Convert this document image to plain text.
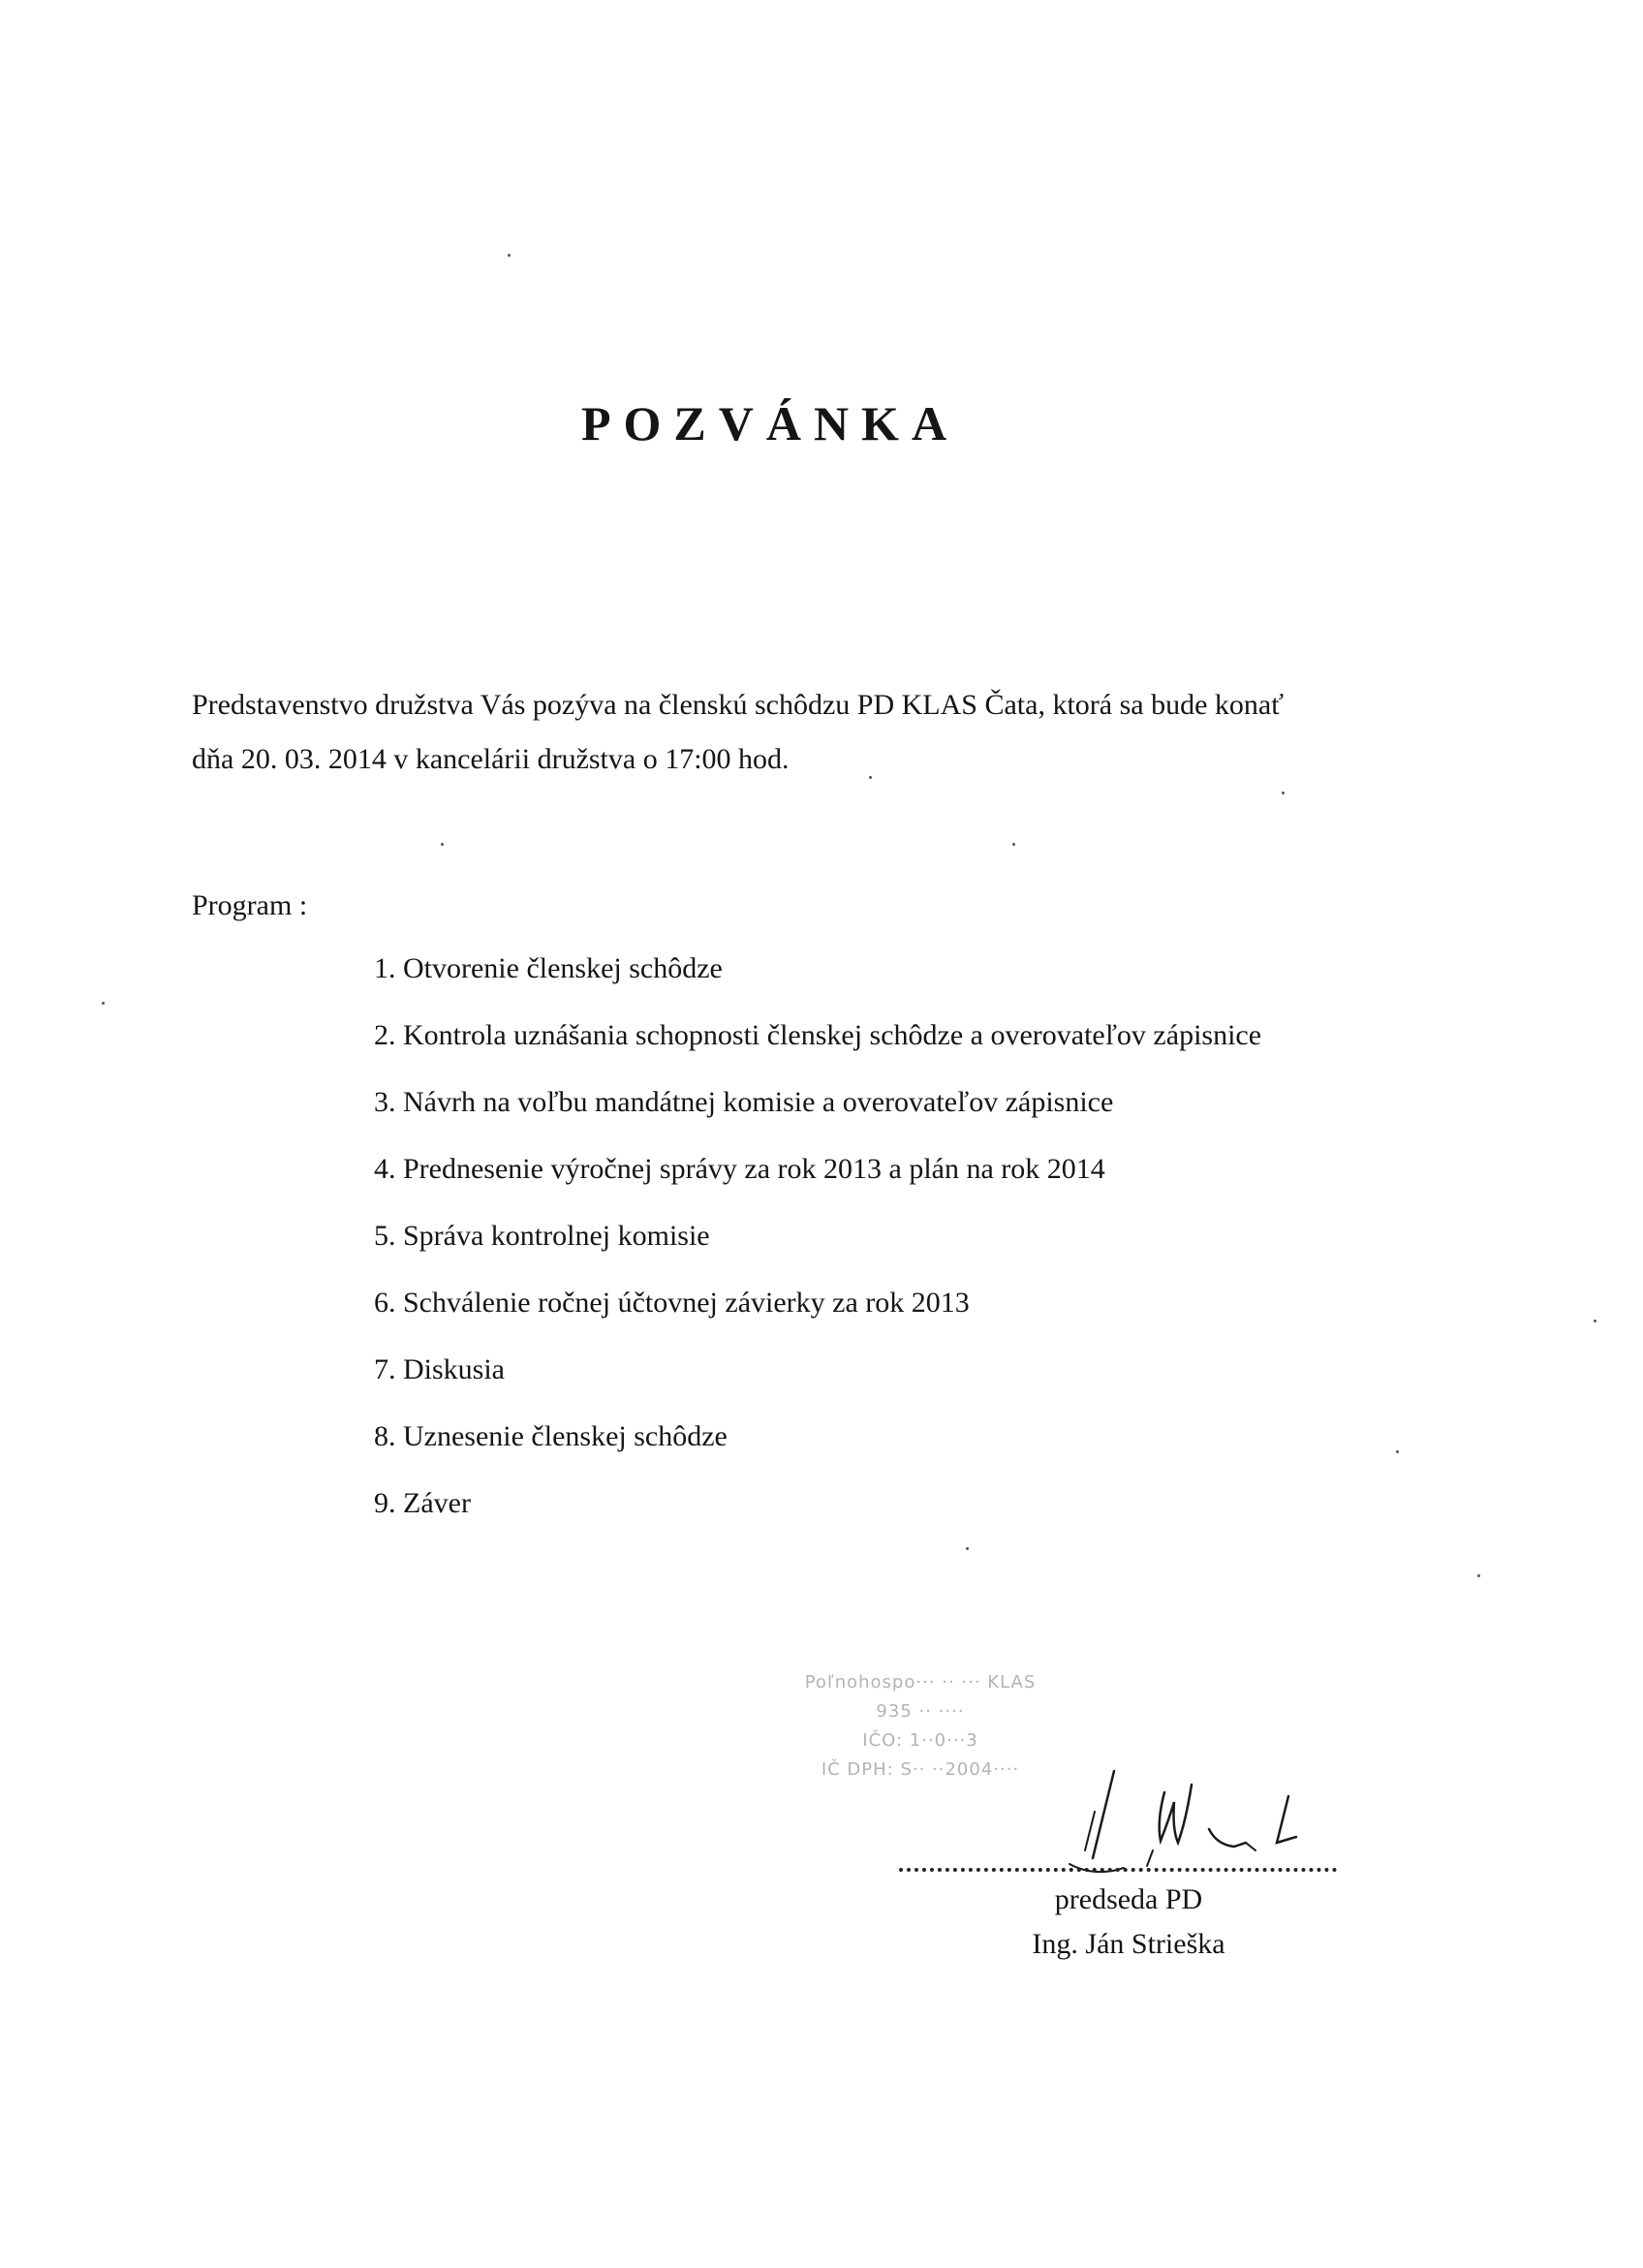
POZVÁNKA

Predstavenstvo družstva Vás pozýva na členskú schôdzu PD KLAS Čata, ktorá sa bude konať

dňa 20. 03. 2014 v kancelárii družstva o 17:00 hod.

Program :
1. Otvorenie členskej schôdze
2. Kontrola uznášania schopnosti členskej schôdze a overovateľov zápisnice
3. Návrh na voľbu mandátnej komisie a overovateľov zápisnice
4. Prednesenie výročnej správy za rok 2013 a plán na rok 2014
5. Správa kontrolnej komisie
6. Schválenie ročnej účtovnej závierky za rok 2013
7. Diskusia
8. Uznesenie členskej schôdze
9. Záver
Poľnohospo··· ·· ··· KLAS
935 ·· ····
IČO: 1··0···3
IČ DPH: S·· ··2004····
predseda PD
Ing. Ján Strieška
